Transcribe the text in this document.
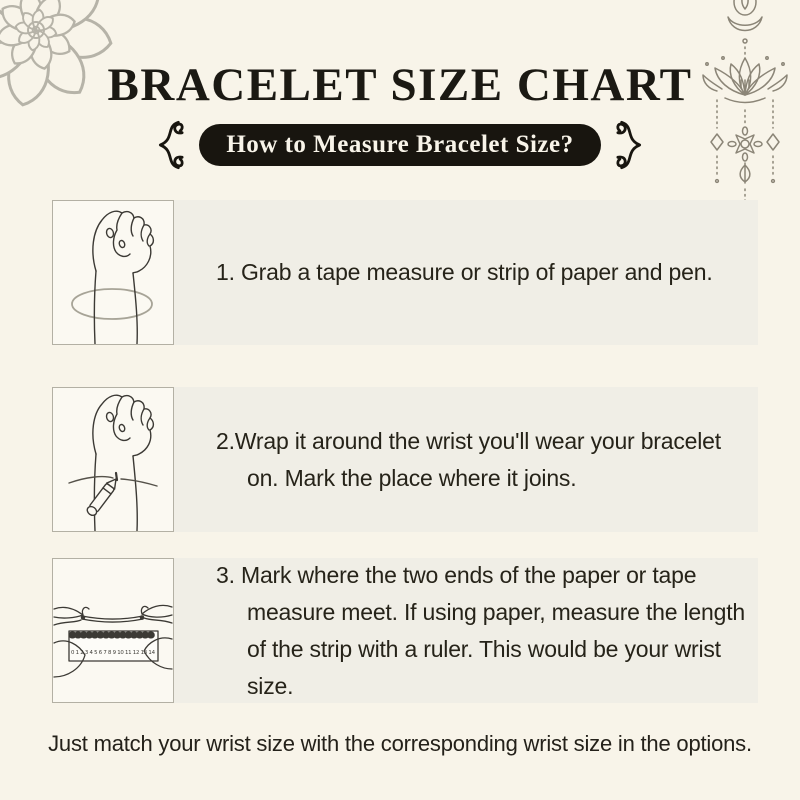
BRACELET SIZE CHART
How to Measure Bracelet Size?

1. Grab a tape measure or strip of paper and pen.

2.Wrap it around the wrist you'll wear your bracelet on. Mark the place where it joins.

0 1 2 3 4 5 6 7 8 9 10 11 12 13 14

3. Mark where the two ends of the paper or tape measure meet. If using paper, measure the length of the strip with a ruler. This would be your wrist size.

Just match your wrist size with the corresponding wrist size in the options.
